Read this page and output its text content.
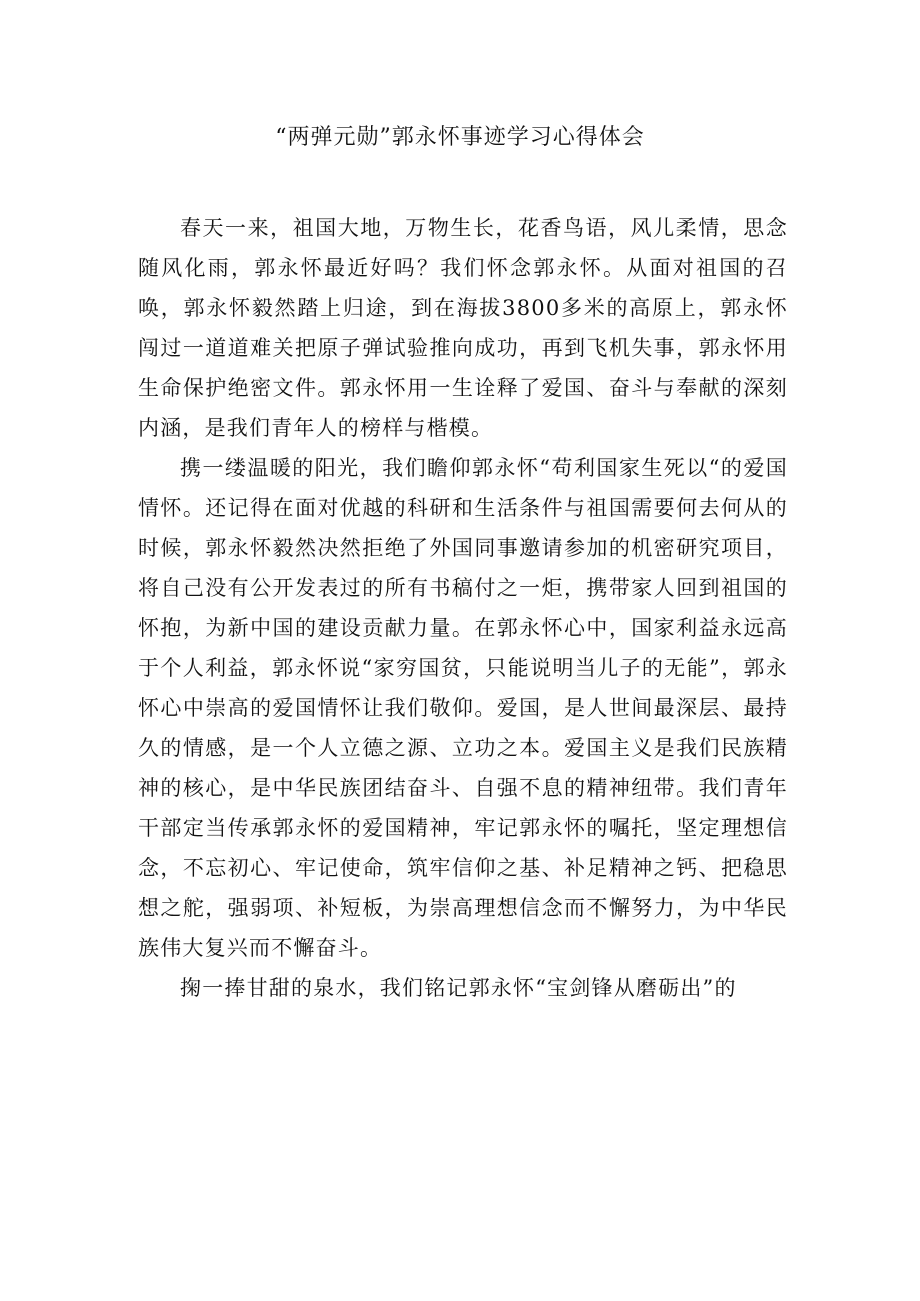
“两弹元勋”郭永怀事迹学习心得体会

春天一来，祖国大地，万物生长，花香鸟语，风儿柔情，思念随风化雨，郭永怀最近好吗？我们怀念郭永怀。从面对祖国的召唤，郭永怀毅然踏上归途，到在海拔3800多米的高原上，郭永怀闯过一道道难关把原子弹试验推向成功，再到飞机失事，郭永怀用生命保护绝密文件。郭永怀用一生诠释了爱国、奋斗与奉献的深刻内涵，是我们青年人的榜样与楷模。

携一缕温暖的阳光，我们瞻仰郭永怀“苟利国家生死以“的爱国情怀。还记得在面对优越的科研和生活条件与祖国需要何去何从的时候，郭永怀毅然决然拒绝了外国同事邀请参加的机密研究项目，将自己没有公开发表过的所有书稿付之一炬，携带家人回到祖国的怀抱，为新中国的建设贡献力量。在郭永怀心中，国家利益永远高于个人利益，郭永怀说“家穷国贫，只能说明当儿子的无能”，郭永怀心中崇高的爱国情怀让我们敬仰。爱国，是人世间最深层、最持久的情感，是一个人立德之源、立功之本。爱国主义是我们民族精神的核心，是中华民族团结奋斗、自强不息的精神纽带。我们青年干部定当传承郭永怀的爱国精神，牢记郭永怀的嘱托，坚定理想信念，不忘初心、牢记使命，筑牢信仰之基、补足精神之钙、把稳思想之舵，强弱项、补短板，为崇高理想信念而不懈努力，为中华民族伟大复兴而不懈奋斗。

掬一捧甘甜的泉水，我们铭记郭永怀“宝剑锋从磨砺出”的
